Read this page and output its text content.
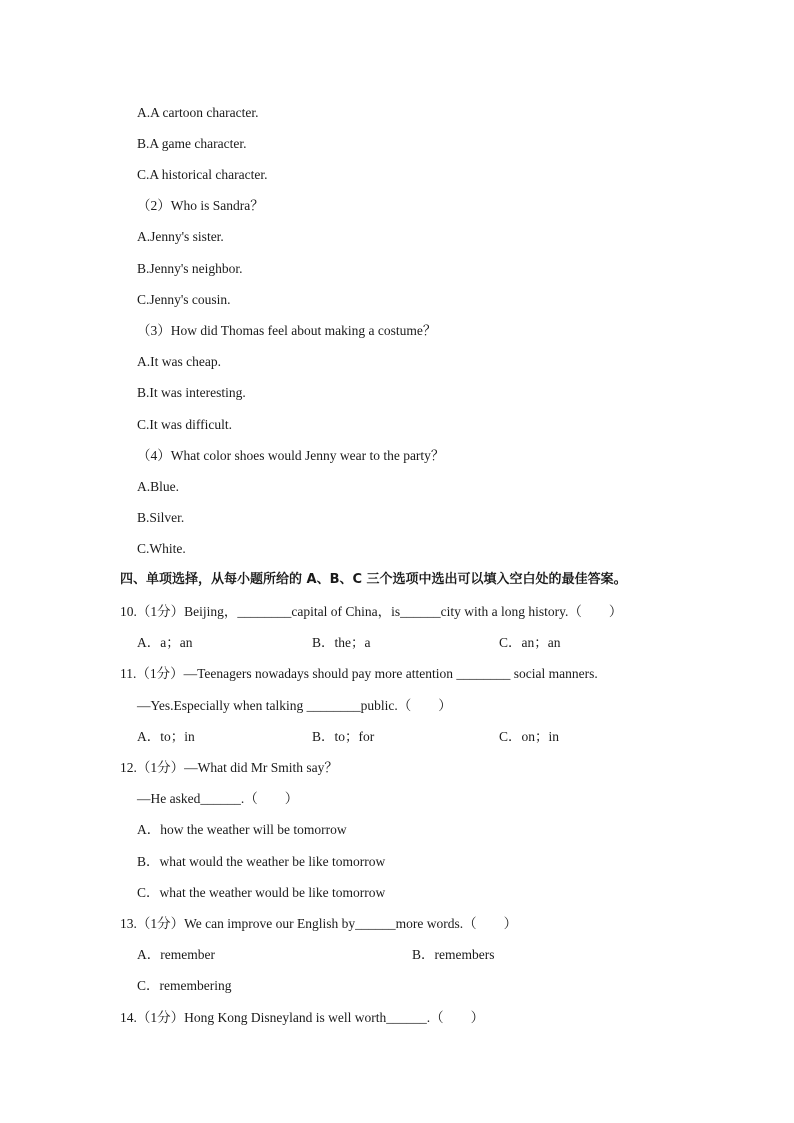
A.A cartoon character.
B.A game character.
C.A historical character.
（2）Who is Sandra？
A.Jenny's sister.
B.Jenny's neighbor.
C.Jenny's cousin.
（3）How did Thomas feel about making a costume？
A.It was cheap.
B.It was interesting.
C.It was difficult.
（4）What color shoes would Jenny wear to the party？
A.Blue.
B.Silver.
C.White.
四、单项选择，从每小题所给的 A、B、C 三个选项中选出可以填入空白处的最佳答案。
10.（1分）Beijing，________capital of China，is______city with a long history.（　　）
A．a；an	B．the；a	C．an；an
11.（1分）—Teenagers nowadays should pay more attention ________ social manners.
—Yes.Especially when talking ________public.（　　）
A．to；in	B．to；for	C．on；in
12.（1分）—What did Mr Smith say？
—He asked______.（　　）
A．how the weather will be tomorrow
B．what would the weather be like tomorrow
C．what the weather would be like tomorrow
13.（1分）We can improve our English by______more words.（　　）
A．remember	B．remembers
C．remembering
14.（1分）Hong Kong Disneyland is well worth______.（　　）
